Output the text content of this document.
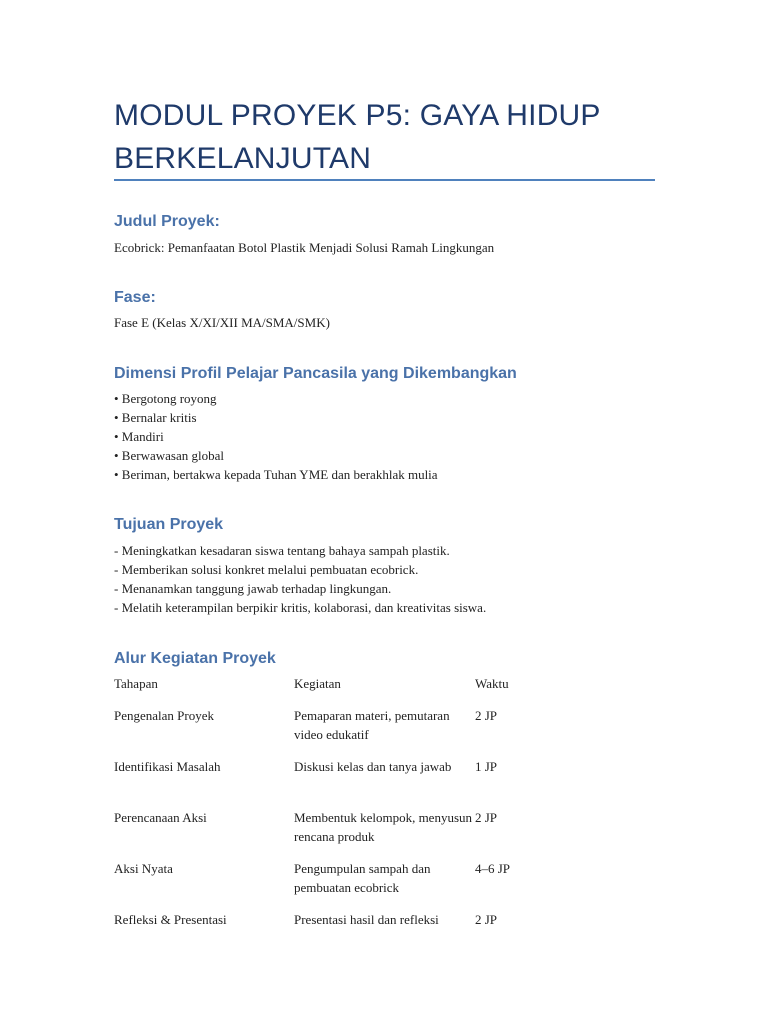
MODUL PROYEK P5: GAYA HIDUP BERKELANJUTAN
Judul Proyek:
Ecobrick: Pemanfaatan Botol Plastik Menjadi Solusi Ramah Lingkungan
Fase:
Fase E (Kelas X/XI/XII MA/SMA/SMK)
Dimensi Profil Pelajar Pancasila yang Dikembangkan
• Bergotong royong
• Bernalar kritis
• Mandiri
• Berwawasan global
• Beriman, bertakwa kepada Tuhan YME dan berakhlak mulia
Tujuan Proyek
- Meningkatkan kesadaran siswa tentang bahaya sampah plastik.
- Memberikan solusi konkret melalui pembuatan ecobrick.
- Menanamkan tanggung jawab terhadap lingkungan.
- Melatih keterampilan berpikir kritis, kolaborasi, dan kreativitas siswa.
Alur Kegiatan Proyek
Tahapan	Kegiatan	Waktu
Pengenalan Proyek	Pemaparan materi, pemutaran video edukatif	2 JP
Identifikasi Masalah	Diskusi kelas dan tanya jawab	1 JP
Perencanaan Aksi	Membentuk kelompok, menyusun rencana produk	2 JP
Aksi Nyata	Pengumpulan sampah dan pembuatan ecobrick	4–6 JP
Refleksi & Presentasi	Presentasi hasil dan refleksi	2 JP
